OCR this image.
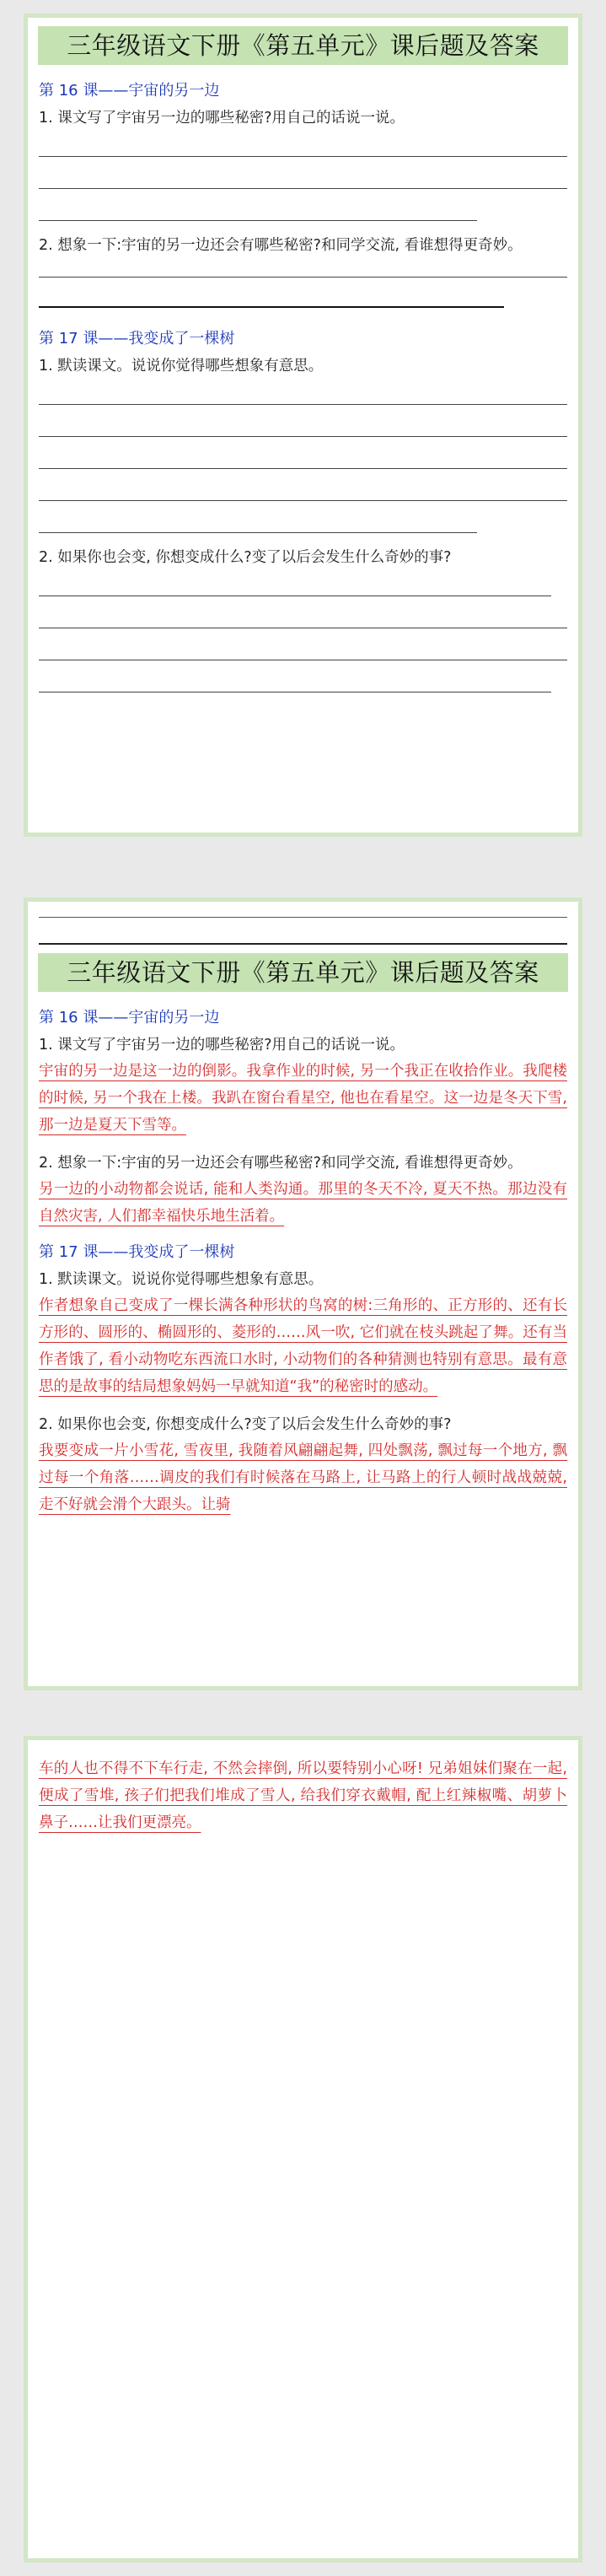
三年级语文下册《第五单元》课后题及答案
第 16 课——宇宙的另一边

1. 课文写了宇宙另一边的哪些秘密?用自己的话说一说。

2. 想象一下:宇宙的另一边还会有哪些秘密?和同学交流, 看谁想得更奇妙。

第 17 课——我变成了一棵树

1. 默读课文。说说你觉得哪些想象有意思。

2. 如果你也会变, 你想变成什么?变了以后会发生什么奇妙的事?

三年级语文下册《第五单元》课后题及答案
第 16 课——宇宙的另一边

1. 课文写了宇宙另一边的哪些秘密?用自己的话说一说。

宇宙的另一边是这一边的倒影。我拿作业的时候, 另一个我正在收拾作业。我爬楼的时候, 另一个我在上楼。我趴在窗台看星空, 他也在看星空。这一边是冬天下雪, 那一边是夏天下雪等。

2. 想象一下:宇宙的另一边还会有哪些秘密?和同学交流, 看谁想得更奇妙。

另一边的小动物都会说话, 能和人类沟通。那里的冬天不冷, 夏天不热。那边没有自然灾害, 人们都幸福快乐地生活着。

第 17 课——我变成了一棵树

1. 默读课文。说说你觉得哪些想象有意思。

作者想象自己变成了一棵长满各种形状的鸟窝的树:三角形的、正方形的、还有长方形的、圆形的、椭圆形的、菱形的……风一吹, 它们就在枝头跳起了舞。还有当作者饿了, 看小动物吃东西流口水时, 小动物们的各种猜测也特别有意思。最有意思的是故事的结局想象妈妈一早就知道“我”的秘密时的感动。

2. 如果你也会变, 你想变成什么?变了以后会发生什么奇妙的事?

我要变成一片小雪花, 雪夜里, 我随着风翩翩起舞, 四处飘荡, 飘过每一个地方, 飘过每一个角落……调皮的我们有时候落在马路上, 让马路上的行人顿时战战兢兢, 走不好就会滑个大跟头。让骑

车的人也不得不下车行走, 不然会摔倒, 所以要特别小心呀! 兄弟姐妹们聚在一起, 便成了雪堆, 孩子们把我们堆成了雪人, 给我们穿衣戴帽, 配上红辣椒嘴、胡萝卜鼻子……让我们更漂亮。
